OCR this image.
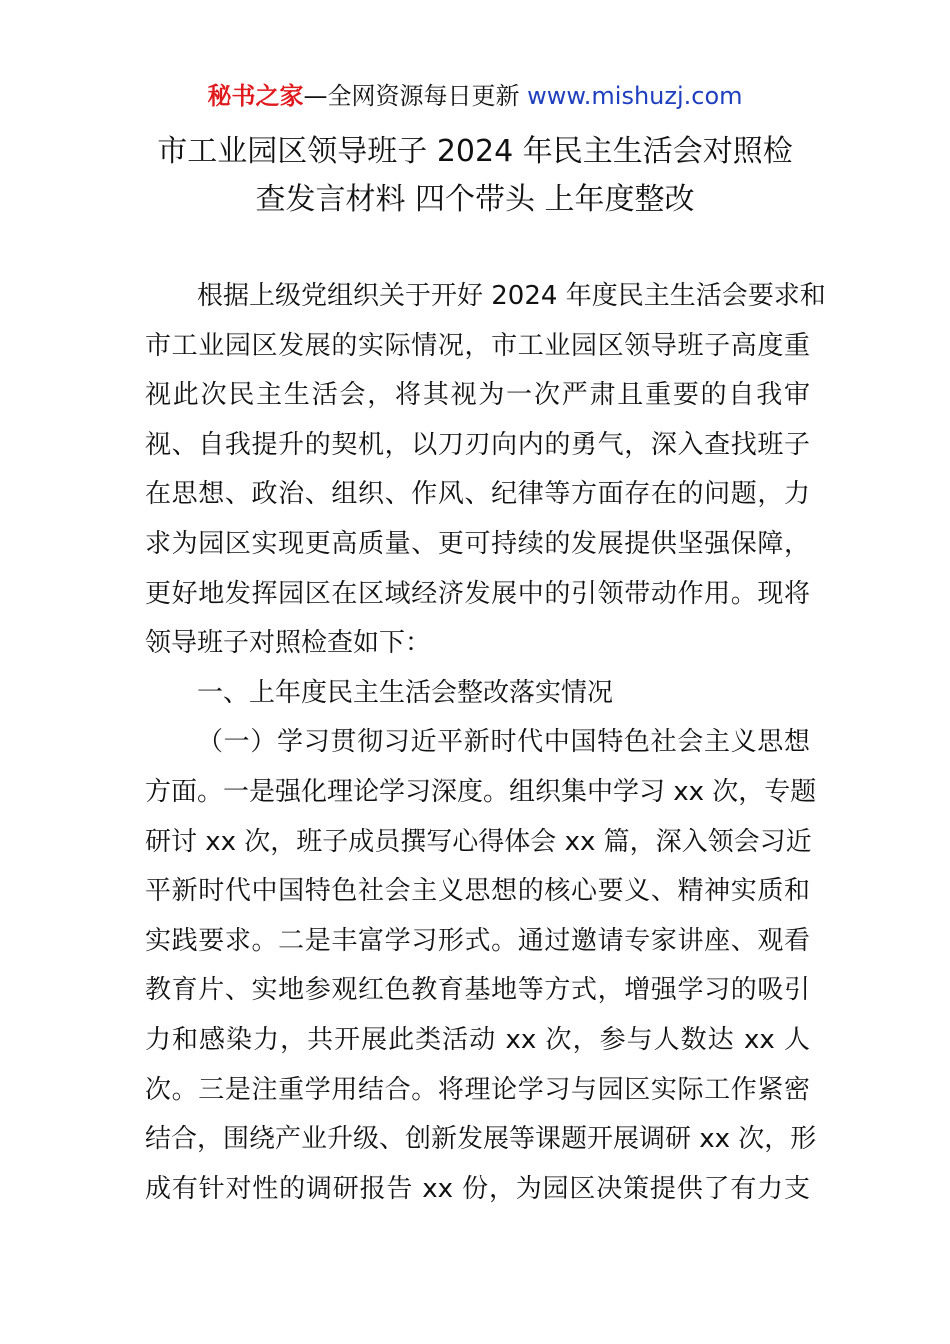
秘书之家—全网资源每日更新 www.mishuzj.com
市工业园区领导班子 2024 年民主生活会对照检
查发言材料 四个带头 上年度整改
根据上级党组织关于开好 2024 年度民主生活会要求和
市工业园区发展的实际情况，市工业园区领导班子高度重
视此次民主生活会，将其视为一次严肃且重要的自我审
视、自我提升的契机，以刀刃向内的勇气，深入查找班子
在思想、政治、组织、作风、纪律等方面存在的问题，力
求为园区实现更高质量、更可持续的发展提供坚强保障，
更好地发挥园区在区域经济发展中的引领带动作用。现将
领导班子对照检查如下：
一、上年度民主生活会整改落实情况
（一）学习贯彻习近平新时代中国特色社会主义思想
方面。一是强化理论学习深度。组织集中学习 xx 次，专题
研讨 xx 次，班子成员撰写心得体会 xx 篇，深入领会习近
平新时代中国特色社会主义思想的核心要义、精神实质和
实践要求。二是丰富学习形式。通过邀请专家讲座、观看
教育片、实地参观红色教育基地等方式，增强学习的吸引
力和感染力，共开展此类活动 xx 次，参与人数达 xx 人
次。三是注重学用结合。将理论学习与园区实际工作紧密
结合，围绕产业升级、创新发展等课题开展调研 xx 次，形
成有针对性的调研报告 xx 份，为园区决策提供了有力支
